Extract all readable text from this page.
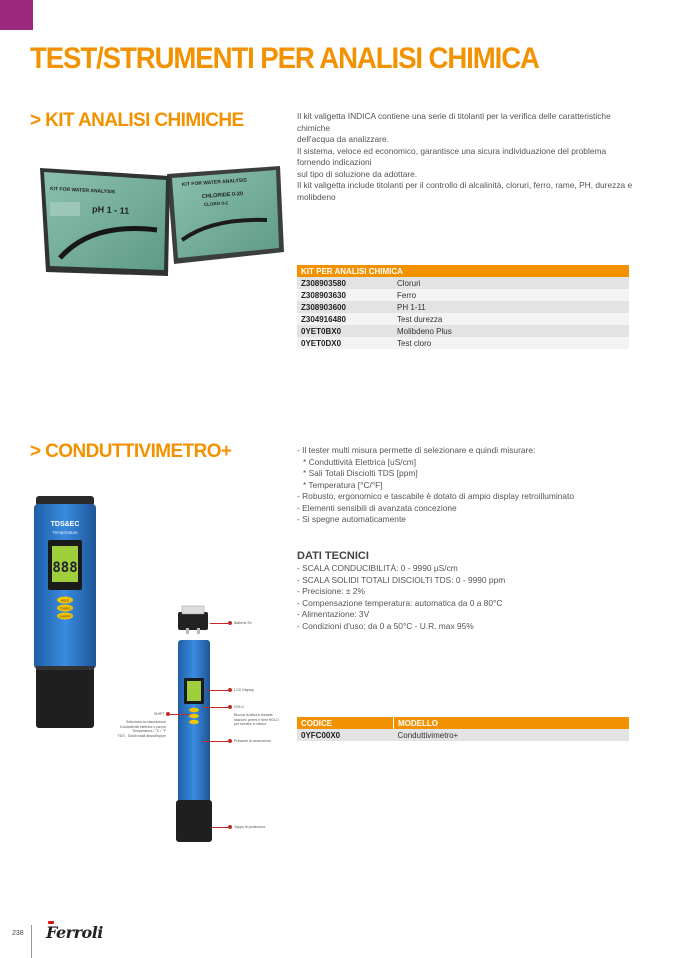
TEST/STRUMENTI PER ANALISI CHIMICA
> KIT ANALISI CHIMICHE	Il kit valigetta INDICA contiene una serie di titolanti per la verifica delle caratteristiche chimiche

dell'acqua da analizzare.

Il sistema, veloce ed economico, garantisce una sicura individuazione del problema fornendo indicazioni

sul tipo di soluzione da adottare.

Il kit valigetta include titolanti per il controllo di alcalinità, cloruri, ferro, rame, PH, durezza e molibdeno

KIT FOR WATER ANALYSIS
CHLORIDE 0-20
CLORO 0-2
KIT FOR WATER ANALYSIS
pH 1 - 11
KIT PER ANALISI CHIMICA	
Z308903580	Cloruri
Z308903630	Ferro
Z308903600	PH 1-11
Z304916480	Test durezza
0YET0BX0	Molibdeno Plus
0YET0DX0	Test cloro
> CONDUTTIVIMETRO+	- Il tester multi misura permette di selezionare e quindi misurare:
* Conduttività Elettrica [uS/cm]
* Sali Totali Disciolti TDS [ppm]
* Temperatura [°C/°F]
- Robusto, ergonomico e tascabile è dotato di ampio display retroilluminato
- Elementi sensibili di avanzata concezione
- Si spegne automaticamente
DATI TECNICI
- SCALA CONDUCIBILITÀ: 0 - 9990 µS/cm
- SCALA SOLIDI TOTALI DISCIOLTI TDS: 0 - 9990 ppm
- Precisione: ± 2%
- Compensazione temperatura: automatica da 0 a 80°C
- Alimentazione: 3V
- Condizioni d'uso: da 0 a 50°C - U.R. max 95%
TDS&EC
Temperature
888
HOLD
TDS/EC
ON/OFF
Batteria 3V
LCD Display
HOLD
Blocca la lettura durante
stazioni: premi e tieni HOLD
per tornare a misure
SHIFT
Seleziona la misurazione
Conduttività elettrica o μs/cm
Temperatura / °C / °F
TDS - Solidi totali disciolti/ppm
Pulsante di accensione
Tappo di protezione
CODICE	MODELLO
0YFC00X0	Conduttivimetro+
238 Ferroli
